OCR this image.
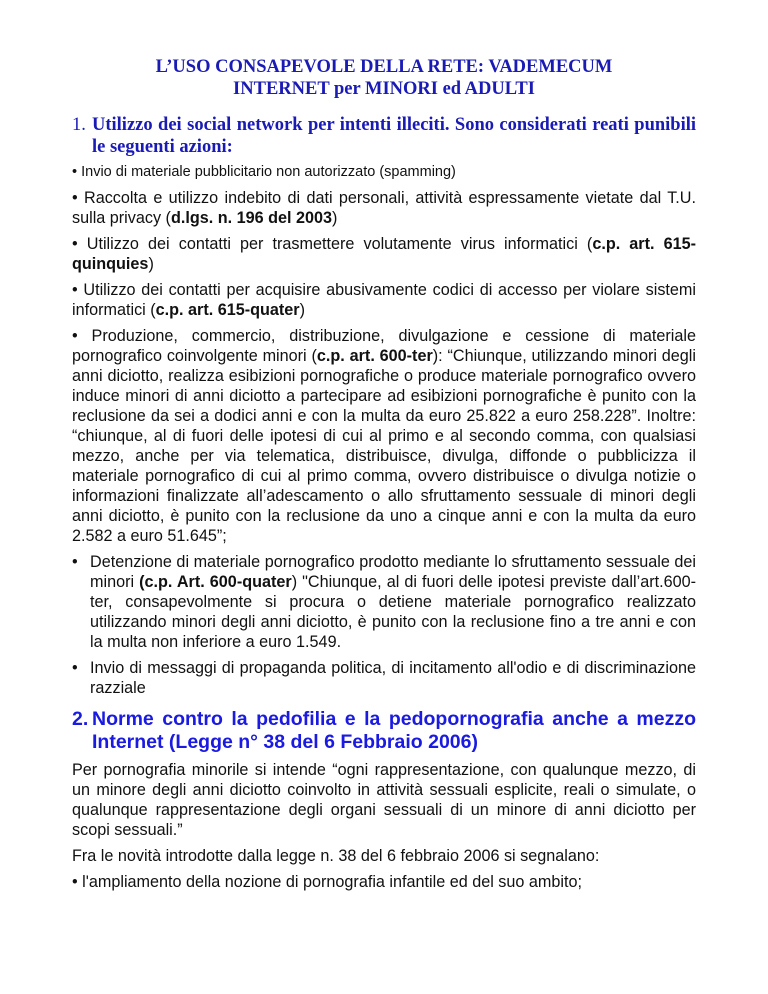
L’USO CONSAPEVOLE DELLA RETE: VADEMECUM
INTERNET per MINORI ed ADULTI
1. Utilizzo dei social network per intenti illeciti. Sono considerati reati punibili le seguenti azioni:
• Invio di materiale pubblicitario non autorizzato (spamming)
• Raccolta e utilizzo indebito di dati personali, attività espressamente vietate dal T.U. sulla privacy (d.lgs. n. 196 del 2003)
• Utilizzo dei contatti per trasmettere volutamente virus informatici (c.p. art. 615-quinquies)
• Utilizzo dei contatti per acquisire abusivamente codici di accesso per violare sistemi informatici (c.p. art. 615-quater)
• Produzione, commercio, distribuzione, divulgazione e cessione di materiale pornografico coinvolgente minori (c.p. art. 600-ter): “Chiunque, utilizzando minori degli anni diciotto, realizza esibizioni pornografiche o produce materiale pornografico ovvero induce minori di anni diciotto a partecipare ad esibizioni pornografiche è punito con la reclusione da sei a dodici anni e con la multa da euro 25.822 a euro 258.228”. Inoltre: “chiunque, al di fuori delle ipotesi di cui al primo e al secondo comma, con qualsiasi mezzo, anche per via telematica, distribuisce, divulga, diffonde o pubblicizza il materiale pornografico di cui al primo comma, ovvero distribuisce o divulga notizie o informazioni finalizzate all’adescamento o allo sfruttamento sessuale di minori degli anni diciotto, è punito con la reclusione da uno a cinque anni e con la multa da euro 2.582 a euro 51.645”;
• Detenzione di materiale pornografico prodotto mediante lo sfruttamento sessuale dei minori (c.p. Art. 600-quater) "Chiunque, al di fuori delle ipotesi previste dall’art.600-ter, consapevolmente si procura o detiene materiale pornografico realizzato utilizzando minori degli anni diciotto, è punito con la reclusione fino a tre anni e con la multa non inferiore a euro 1.549.
• Invio di messaggi di propaganda politica, di incitamento all'odio e di discriminazione razziale
2. Norme contro la pedofilia e la pedopornografia anche a mezzo Internet (Legge n° 38 del 6 Febbraio 2006)
Per pornografia minorile si intende “ogni rappresentazione, con qualunque mezzo, di un minore degli anni diciotto coinvolto in attività sessuali esplicite, reali o simulate, o qualunque rappresentazione degli organi sessuali di un minore di anni diciotto per scopi sessuali.”
Fra le novità introdotte dalla legge n. 38 del 6 febbraio 2006 si segnalano:
• l'ampliamento della nozione di pornografia infantile ed del suo ambito;
